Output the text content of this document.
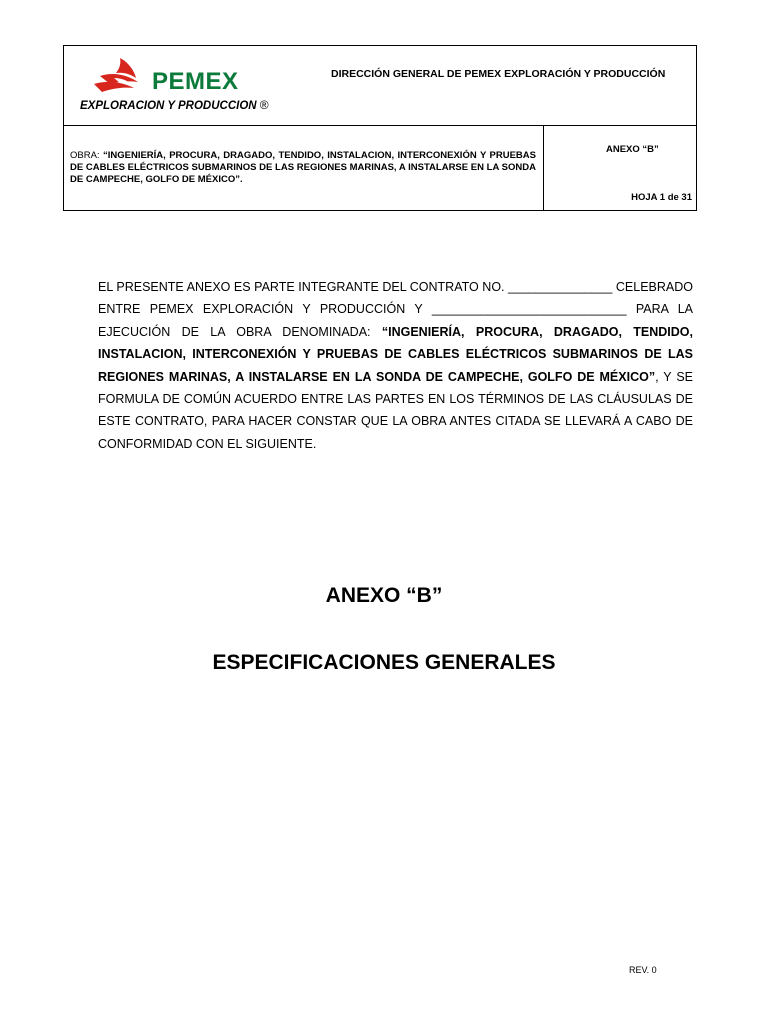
PEMEX
EXPLORACION Y PRODUCCION ®
DIRECCIÓN GENERAL DE PEMEX EXPLORACIÓN Y PRODUCCIÓN
OBRA: “INGENIERÍA, PROCURA, DRAGADO, TENDIDO, INSTALACION, INTERCONEXIÓN Y PRUEBAS DE CABLES ELÉCTRICOS SUBMARINOS DE LAS REGIONES MARINAS, A INSTALARSE EN LA SONDA DE CAMPECHE, GOLFO DE MÉXICO”.
ANEXO “B”
HOJA 1 de 31
EL PRESENTE ANEXO ES PARTE INTEGRANTE DEL CONTRATO NO. _______________ CELEBRADO ENTRE PEMEX EXPLORACIÓN Y PRODUCCIÓN Y ____________________________ PARA LA EJECUCIÓN DE LA OBRA DENOMINADA: “INGENIERÍA, PROCURA, DRAGADO, TENDIDO, INSTALACION, INTERCONEXIÓN Y PRUEBAS DE CABLES ELÉCTRICOS SUBMARINOS DE LAS REGIONES MARINAS, A INSTALARSE EN LA SONDA DE CAMPECHE, GOLFO DE MÉXICO”, Y SE FORMULA DE COMÚN ACUERDO ENTRE LAS PARTES EN LOS TÉRMINOS DE LAS CLÁUSULAS DE ESTE CONTRATO, PARA HACER CONSTAR QUE LA OBRA ANTES CITADA SE LLEVARÁ A CABO DE CONFORMIDAD CON EL SIGUIENTE.
ANEXO “B”
ESPECIFICACIONES GENERALES
REV. 0
